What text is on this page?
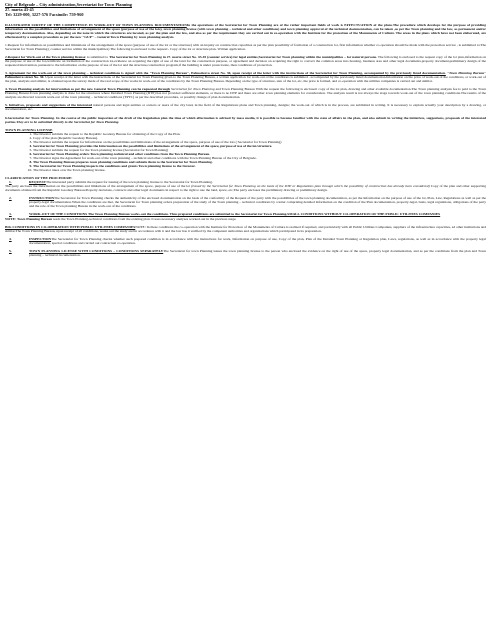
City of Belgrade – City administration,Secretariat for Town Planning
27. marta 43-45
Tel: 3229-000, 3227-576 Facsimile: 759-960

ILLUSTRATED SURVEY OF THE COMPETENCE IN WORK-OUT OF TOWN PLANNING DOCUMENTATIONIn the operations of the Secretariat for Town Planning are of the rather important fields of work is EFFECTUATION of the plans.The procedure which develops for the purpose of providing information on the possibilities and limitations of arrangement of the space (purpose of use of the lots), town planning license (with town planning – technical and other conditions) and town planning approval of the technical documentation, can be taken ,as per the Town planning and the law, as permanent and/or temporary documentation. Also, depending on the zone in which the structures are located, as per the plan and the law, and also as per the requirement they are carried out in co-operation with the Institute for the protection of the Monuments of Culture. The areas in the plans which have not been elaborated, are effectuated by a complex procedure as per the new "GUP" – General Town Planning by town planning analysis.

1.Request for information on possibilities and limitations of the arrangement of the space (purpose of use of the lot or the structure) with an inquiry on construction capacities as per the plan possibility of formation of a construction lot, first information whether co-operation should be made with the protection service , is submitted to:The Secretariat for Town Planning ( counter service within the municipalities) The following is enclosed to the request:- Copy of the lot or structure plan- Written application.

2.Request for Work-out of the Town planning license: is submitted to The Secretariat for Town Planning in 27. marta street No. 43-45 (counter service) for legal entities;Secretariat for Town planning within the municipalities – for natural persons. The following is enclosed to the request copy of the lot plan,information on the purpose of use of the lot,certificate on formation of the construction lot,evidence on acquiring the right of use of the land for the construction purpose, or agreement and decision on acquiring the right to convert the common areas into housing, business area and other legal documents,property document,preliminary design of the requested intervention, pursuant to the information on the purpose of use of the lot and the structure,construction program,if the building is under protectorate, then conditions of protection.

3. Agreement for the work-out of the town planning – technical conditions is signed with the "Town Planning Bureau", Palmoticeva street No. 30, upon receipt of the letter with the instructions of the Secretariat for Town Planning, accompanied by the previously listed documentation. "Town Planning Bureau" Palmoticeva street No. 30. Upon receipt of the letter with the instructions of the Secretariat for Town Planning given to the Town Planning Bureau, a written application for work-out of the conditions is submitted , accompanied by the previously listed documentation.Information on the price of work-out of the conditions, or work-out of the plan, analysis and similar, is obtained upon the survey made of the real scope of the works in work-out of the conditions by the Town Planning Bureau. Depending on the type of structure, size of the lot, etc, the price is formed, and co-operation with the utilities companies is carried out and similar.

4. Town Planning analysis for intervention as per the new General Town Planning can be requested through Secretariat for Town Planning and Town Planning Bureau With the request the following is enclosed: copy of the lot plan, drawing and other available documentation.The Town planning analysis fee is paid to the Town Planning Bureau.Town planning analysis is done for the structures where Detailed Town Planning (DTP) has not provided sufficient elements, or there is no DTP and there are other town planning elements for consideration. The analysis result is not always the stage towards work-out of the town planning conditions.The results of the analysis are directed towards work-out of the town planning – technical conditions (TPTC) as per the described procedure, or possibly change of plan documentation.

5. Initiatives, proposals and suggestions of the interested natural persons and legal entities or owners or users of the city land, in the field of the Regulations plans and Town planning, designs; the work-out of which is in the process, are submitted in writing. It is necessary to explain actually your description by a drawing, or documentation, etc.

6.Secretariat for Town Planning. In the course of the public inspection of the draft of the Regulation plan the time of which effectuation is advised by mass media, it is possible to become familiar with the state of affairs in the plan, and also submit in writing the initiatives, suggestions, proposals of the interested parties.They are to be submitted directly to the Secretariat for Town Planning.

TOWN PLANNING LICENSE
1. The Investor submits the request to the Republic Geodesy Bureau for obtaining of the Copy of the Plan.
2. Copy of the plan (Republic Geodesy Bureau).
3. The Investor submits the request for Information on the possibilities and limitations of the arrangement of the space, purpose of use of the lots ( Secretariat for Town Planning)
4. Secretariat for Town Planning provides the Information on the possibilities and limitations of the arrangement of the space, purpose of use of the lot/structure.
5. The Investor submits the request for the Town planning license (Secretariat for Town Planning)
6. Secretariat for Town Planning orders Town planning-technical and other conditions from the Town Planning Bureau.
7. The Investor signs the Agreement for work-out of the town planning – technical and other conditions with the Town Planning Bureau of the City of Belgrade.
8. The Town Planning Bureau prepares town planning conditions and submits them to the Secretariat for Town Planning.
9. The Secretariat for Town Planning inspects the conditions and grants Town planning license to the Investor.
10. The Investor takes over the Town planning license.
CLARIFICATION OF THE PROCEDURE:
1.	REQUESTThe interested party submits the request for issuing of the town planning license to the Secretariat for Town Planning.

The party encloses the Information on the possibilities and limitations of the arrangement of the space, purpose of use of the lot (issued by the Secretariat for Town Planning on the basis of the DTP or Regulations plan through which the possibility of construction has already been considered) Copy of the plan and other supporting documents obtained from the Republic Geodesy Bureau.Property decisions, contracts and other legal documents in respect to the right to use the land, space, etc,The party encloses the preliminary drawing or preliminary design.

2.	INSTRUCTIONThe Secretariat for Town Planning checks the authenticity of the enclosed documentation on the basis of the conformity of the Request of the party with the possibilities of the town planning documentation, as per the Information on the purpose of use of the lot, Plan, Law, Regulations as well as per the property-legal documentation.When the conditions are met, the Secretariat for Town planning orders preparation of the study of the Town planning – technical conditions by a letter comprising detailed information on the condition of the Plan documentation, property-legal, basis, legal regulations, obligations of the party and the role of the Town planning Bureau in the work-out of the conditions.
3.	WORK-OUT OF THE CONDITIONS The Town Planning Bureau works-out the conditions. Thus prepared conditions are submitted to the Secretariat for Town Planning.SMALL CONDITIONS WITHOUT CO-OPERATION OF THE PUBLIC UTILITIES COMPANIES

NOTE: Town Planning Bureau reads the Town Planning-technical conditions from the existing plan. It uses necessary analyses worked-out in the previous stage.

BIG CONDITIONS IN CO-OPERATION WITH PUBLIC UTILITIES COMPANIESNOTE: In these conditions the co-operation with the Institute for Protection of the Monuments of Culture is realized if required, and particularly with all Public Utilities Companies, suppliers of the infrastructure capacities, ad other institutions and similar.The Town Planning Bureau, upon receipt of all conditions, works out the study and in accordance with it and the law has it verified by the competent authorities and organizations which participated in its preparation.

4.	INSPECTIONThe Secretariat for Town Planning checks whether such prepared condition is in accordance with the instructions for work, Information on purpose of use, Copy of the plan, Plan of the Detailed Town Planning or Regulation plan, Laws, regulations, as well as in accordance with the property legal documentation, special conditions and carried out contractual co-operation.
5.	TOWN PLANNING LICENSE WITH CONDITIONS – CONDITIONS SEPARATELYThe Secretariat for town Planning issues the town planning license to the person who enclosed the evidence on the right of use of the space, property legal documentation, and as per the conditions from the plan and Town planning – technical documentation.
